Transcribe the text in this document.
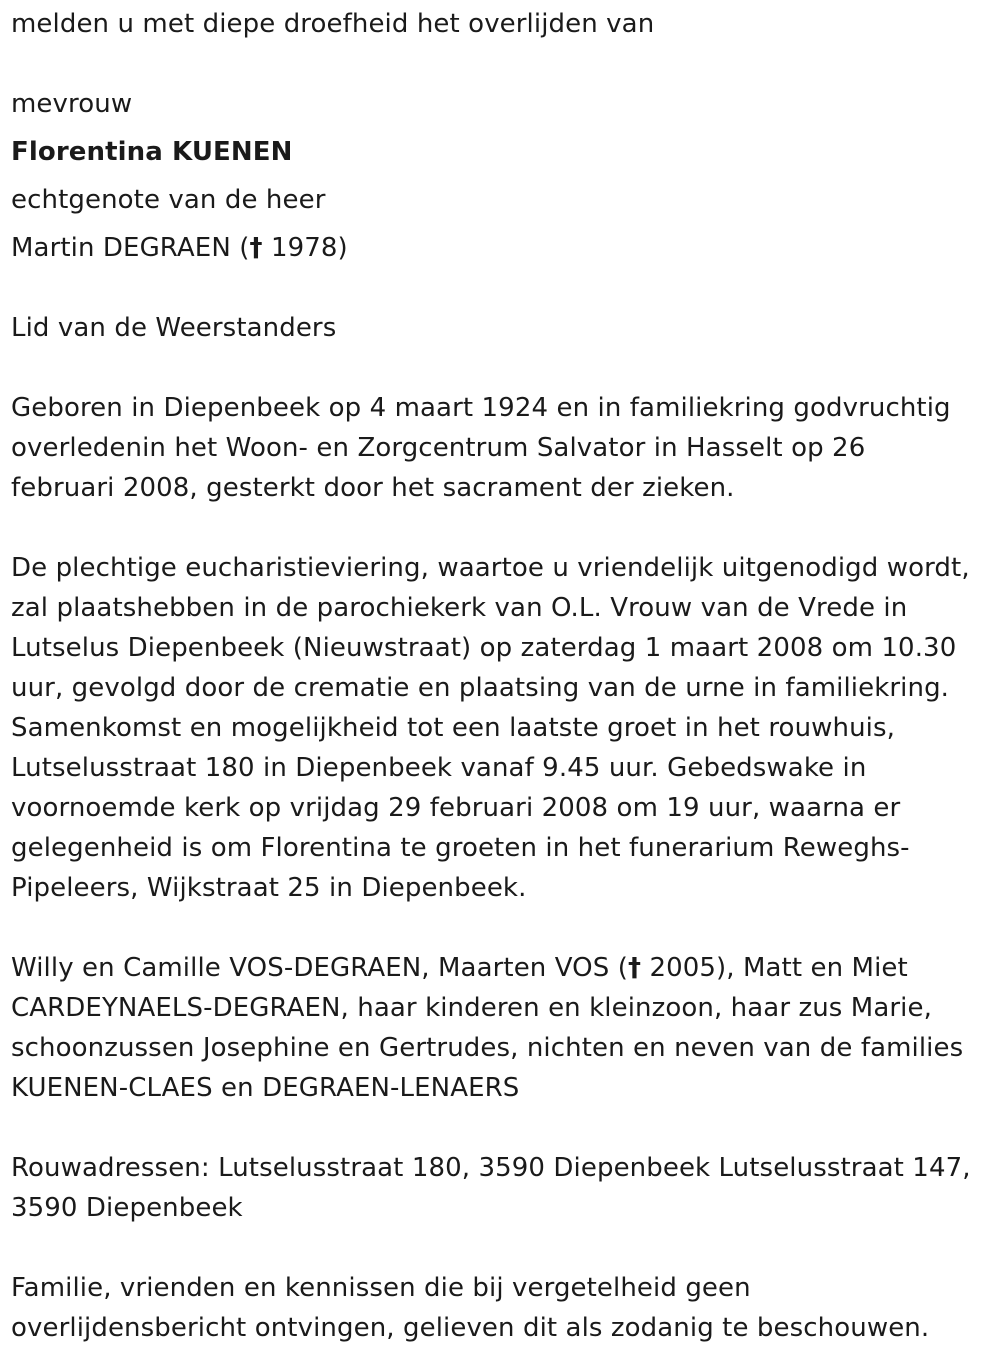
melden u met diepe droefheid het overlijden van
mevrouw
Florentina KUENEN
echtgenote van de heer
Martin DEGRAEN († 1978)
Lid van de Weerstanders
Geboren in Diepenbeek op 4 maart 1924 en in familiekring godvruchtig
overledenin het Woon- en Zorgcentrum Salvator in Hasselt op 26
februari 2008, gesterkt door het sacrament der zieken.
De plechtige eucharistieviering, waartoe u vriendelijk uitgenodigd wordt,
zal plaatshebben in de parochiekerk van O.L. Vrouw van de Vrede in
Lutselus Diepenbeek (Nieuwstraat) op zaterdag 1 maart 2008 om 10.30
uur, gevolgd door de crematie en plaatsing van de urne in familiekring.
Samenkomst en mogelijkheid tot een laatste groet in het rouwhuis,
Lutselusstraat 180 in Diepenbeek vanaf 9.45 uur. Gebedswake in
voornoemde kerk op vrijdag 29 februari 2008 om 19 uur, waarna er
gelegenheid is om Florentina te groeten in het funerarium Reweghs-
Pipeleers, Wijkstraat 25 in Diepenbeek.
Willy en Camille VOS-DEGRAEN, Maarten VOS († 2005), Matt en Miet
CARDEYNAELS-DEGRAEN, haar kinderen en kleinzoon, haar zus Marie,
schoonzussen Josephine en Gertrudes, nichten en neven van de families
KUENEN-CLAES en DEGRAEN-LENAERS
Rouwadressen: Lutselusstraat 180, 3590 Diepenbeek Lutselusstraat 147,
3590 Diepenbeek
Familie, vrienden en kennissen die bij vergetelheid geen
overlijdensbericht ontvingen, gelieven dit als zodanig te beschouwen.
